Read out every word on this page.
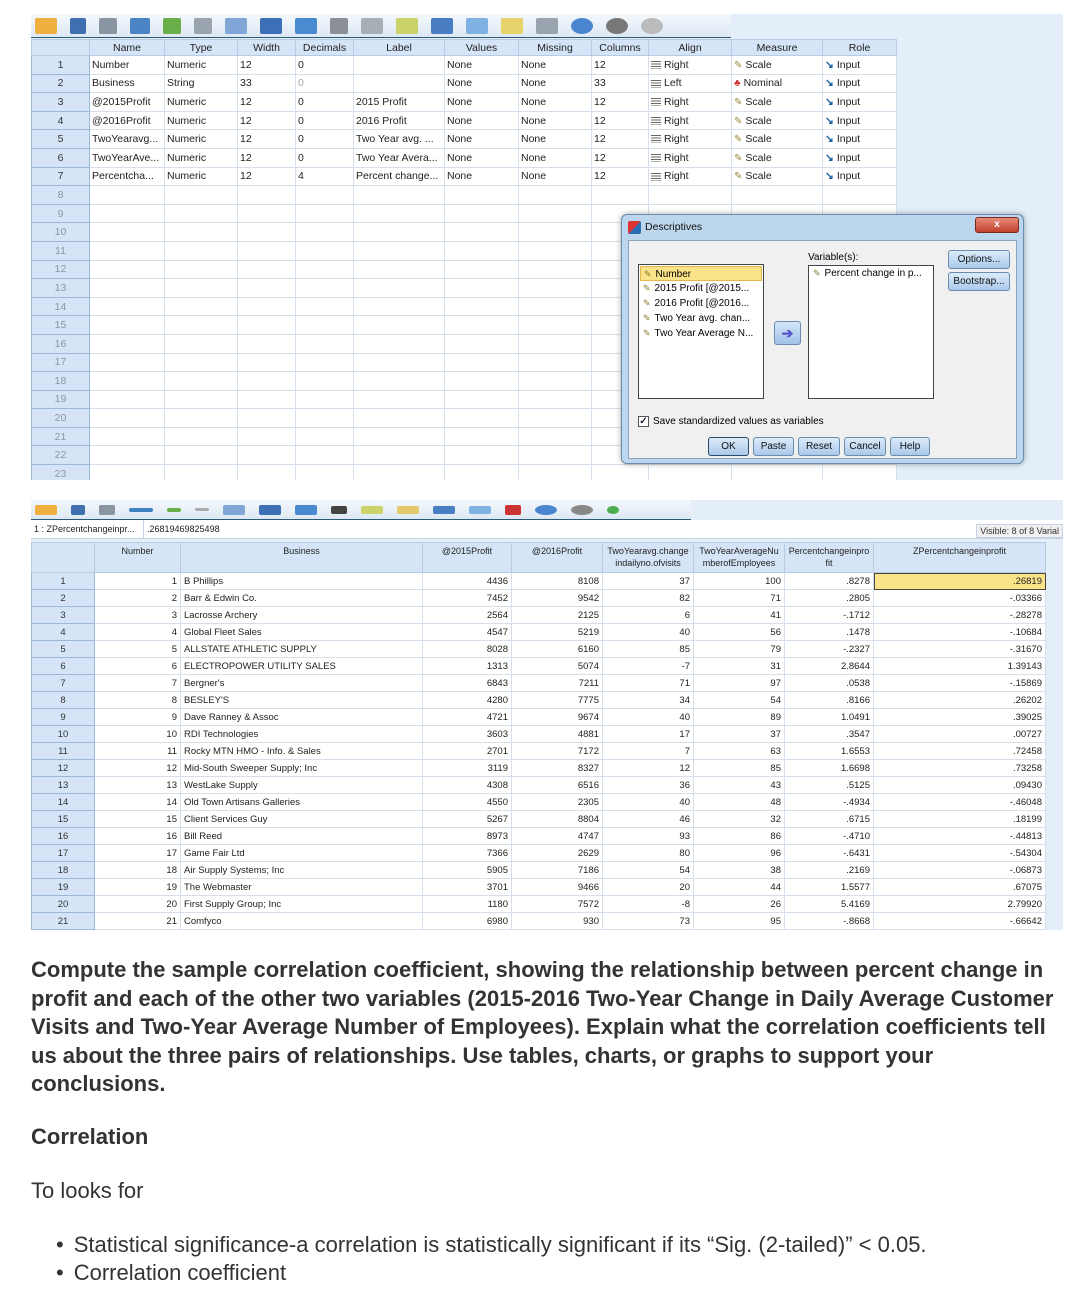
	Name	Type	Width	Decimals	Label	Values	Missing	Columns	Align	Measure	Role
1	Number	Numeric	12	0		None	None	12	Right	✎ Scale	↘ Input
2	Business	String	33	0		None	None	33	Left	♣ Nominal	↘ Input
3	@2015Profit	Numeric	12	0	2015 Profit	None	None	12	Right	✎ Scale	↘ Input
4	@2016Profit	Numeric	12	0	2016 Profit	None	None	12	Right	✎ Scale	↘ Input
5	TwoYearavg...	Numeric	12	0	Two Year avg. ...	None	None	12	Right	✎ Scale	↘ Input
6	TwoYearAve...	Numeric	12	0	Two Year Avera...	None	None	12	Right	✎ Scale	↘ Input
7	Percentcha...	Numeric	12	4	Percent change...	None	None	12	Right	✎ Scale	↘ Input
8											
9											
10											
11											
12											
13											
14											
15											
16											
17											
18											
19											
20											
21											
22											
23											
Descriptives	x
✎ Number
✎ 2015 Profit [@2015...
✎ 2016 Profit [@2016...
✎ Two Year avg. chan...
✎ Two Year Average N...	➔
Variable(s):
✎ Percent change in p...
Options...
Bootstrap...
✓ Save standardized values as variables
OK	Paste	Reset	Cancel	Help
1 : ZPercentchangeinpr...	.26819469825498	Visible: 8 of 8 Varial
	Number	Business	@2015Profit	@2016Profit	TwoYearavg.change indailyno.ofvisits	TwoYearAverageNu mberofEmployees	Percentchangeinpro fit	ZPercentchangeinprofit
1	1	B Phillips	4436	8108	37	100	.8278	.26819
2	2	Barr & Edwin Co.	7452	9542	82	71	.2805	-.03366
3	3	Lacrosse Archery	2564	2125	6	41	-.1712	-.28278
4	4	Global Fleet Sales	4547	5219	40	56	.1478	-.10684
5	5	ALLSTATE ATHLETIC SUPPLY	8028	6160	85	79	-.2327	-.31670
6	6	ELECTROPOWER UTILITY SALES	1313	5074	-7	31	2.8644	1.39143
7	7	Bergner's	6843	7211	71	97	.0538	-.15869
8	8	BESLEY'S	4280	7775	34	54	.8166	.26202
9	9	Dave Ranney & Assoc	4721	9674	40	89	1.0491	.39025
10	10	RDI Technologies	3603	4881	17	37	.3547	.00727
11	11	Rocky MTN HMO - Info. & Sales	2701	7172	7	63	1.6553	.72458
12	12	Mid-South Sweeper Supply; Inc	3119	8327	12	85	1.6698	.73258
13	13	WestLake Supply	4308	6516	36	43	.5125	.09430
14	14	Old Town Artisans Galleries	4550	2305	40	48	-.4934	-.46048
15	15	Client Services Guy	5267	8804	46	32	.6715	.18199
16	16	Bill Reed	8973	4747	93	86	-.4710	-.44813
17	17	Game Fair Ltd	7366	2629	80	96	-.6431	-.54304
18	18	Air Supply Systems; Inc	5905	7186	54	38	.2169	-.06873
19	19	The Webmaster	3701	9466	20	44	1.5577	.67075
20	20	First Supply Group; Inc	1180	7572	-8	26	5.4169	2.79920
21	21	Comfyco	6980	930	73	95	-.8668	-.66642
Compute the sample correlation coefficient, showing the relationship between percent change in profit and each of the other two variables (2015-2016 Two-Year Change in Daily Average Customer Visits and Two-Year Average Number of Employees). Explain what the correlation coefficients tell us about the three pairs of relationships. Use tables, charts, or graphs to support your conclusions.
Correlation
To looks for
• Statistical significance-a correlation is statistically significant if its “Sig. (2-tailed)” < 0.05.
• Correlation coefficient
